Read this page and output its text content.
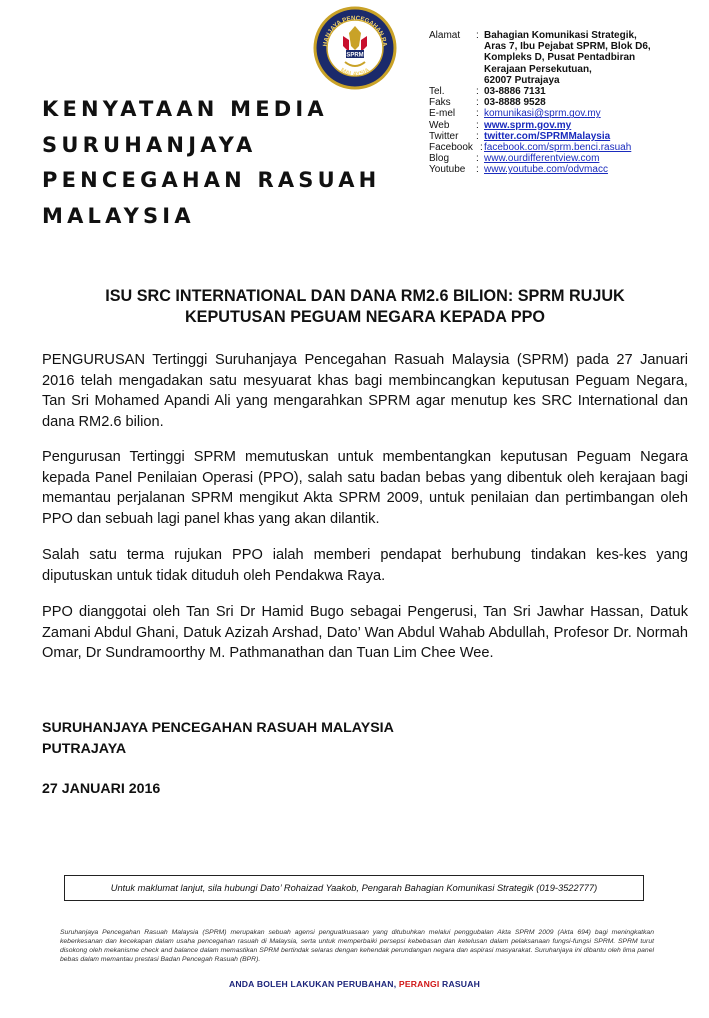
HANJAYA PENCEGAHAN RA
MALAYSIA
SPRM
KENYATAAN MEDIA
SURUHANJAYA
PENCEGAHAN RASUAH
MALAYSIA
Alamat	: Bahagian Komunikasi Strategik,
Aras 7, Ibu Pejabat SPRM, Blok D6,
Kompleks D, Pusat Pentadbiran
Kerajaan Persekutuan,
62007 Putrajaya
Tel.	: 03-8886 7131
Faks	: 03-8888 9528
E-mel	: komunikasi@sprm.gov.my
Web	: www.sprm.gov.my
Twitter	: twitter.com/SPRMMalaysia
Facebook : facebook.com/sprm.benci.rasuah
Blog	: www.ourdifferentview.com
Youtube	: www.youtube.com/odvmacc
ISU SRC INTERNATIONAL DAN DANA RM2.6 BILION: SPRM RUJUK
KEPUTUSAN PEGUAM NEGARA KEPADA PPO
PENGURUSAN Tertinggi Suruhanjaya Pencegahan Rasuah Malaysia (SPRM) pada 27 Januari 2016 telah mengadakan satu mesyuarat khas bagi membincangkan keputusan Peguam Negara, Tan Sri Mohamed Apandi Ali yang mengarahkan SPRM agar menutup kes SRC International dan dana RM2.6 bilion.
Pengurusan Tertinggi SPRM memutuskan untuk membentangkan keputusan Peguam Negara kepada Panel Penilaian Operasi (PPO), salah satu badan bebas yang dibentuk oleh kerajaan bagi memantau perjalanan SPRM mengikut Akta SPRM 2009, untuk penilaian dan pertimbangan oleh PPO dan sebuah lagi panel khas yang akan dilantik.
Salah satu terma rujukan PPO ialah memberi pendapat berhubung tindakan kes-kes yang diputuskan untuk tidak dituduh oleh Pendakwa Raya.
PPO dianggotai oleh Tan Sri Dr Hamid Bugo sebagai Pengerusi, Tan Sri Jawhar Hassan, Datuk Zamani Abdul Ghani, Datuk Azizah Arshad, Dato’ Wan Abdul Wahab Abdullah, Profesor Dr. Normah Omar, Dr Sundramoorthy M. Pathmanathan dan Tuan Lim Chee Wee.
SURUHANJAYA PENCEGAHAN RASUAH MALAYSIA
PUTRAJAYA
27 JANUARI 2016
Untuk maklumat lanjut, sila hubungi Dato’ Rohaizad Yaakob, Pengarah Bahagian Komunikasi Strategik (019-3522777)
Suruhanjaya Pencegahan Rasuah Malaysia (SPRM) merupakan sebuah agensi penguatkuasaan yang ditubuhkan melalui penggubalan Akta SPRM 2009 (Akta 694) bagi meningkatkan keberkesanan dan kecekapan dalam usaha pencegahan rasuah di Malaysia, serta untuk memperbaiki persepsi kebebasan dan ketelusan dalam pelaksanaan fungsi-fungsi SPRM. SPRM turut disokong oleh mekanisme check and balance dalam memastikan SPRM bertindak selaras dengan kehendak perundangan negara dan aspirasi masyarakat. Suruhanjaya ini dibantu oleh lima panel bebas dalam memantau prestasi Badan Pencegah Rasuah (BPR).
ANDA BOLEH LAKUKAN PERUBAHAN, PERANGI RASUAH
